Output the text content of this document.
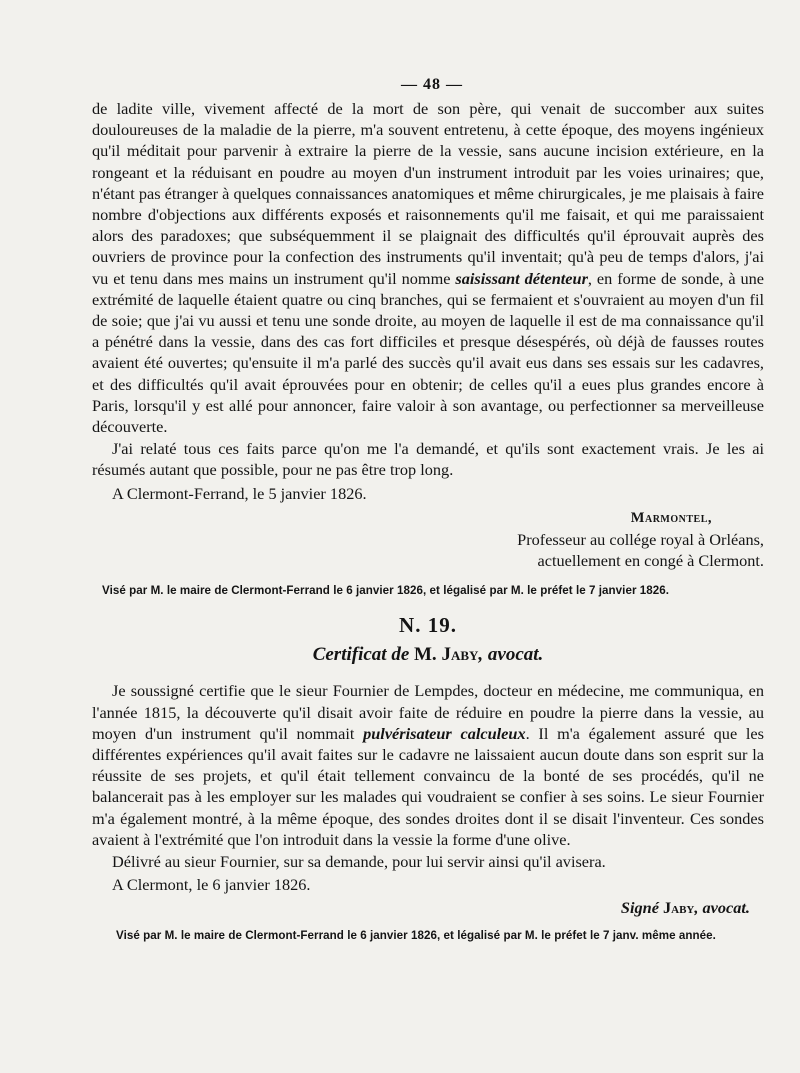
— 48 —

de ladite ville, vivement affecté de la mort de son père, qui venait de succomber aux suites douloureuses de la maladie de la pierre, m'a souvent entretenu, à cette époque, des moyens ingénieux qu'il méditait pour parvenir à extraire la pierre de la vessie, sans aucune incision extérieure, en la rongeant et la réduisant en poudre au moyen d'un instrument introduit par les voies urinaires; que, n'étant pas étranger à quelques connaissances anatomiques et même chirurgicales, je me plaisais à faire nombre d'objections aux différents exposés et raisonnements qu'il me faisait, et qui me paraissaient alors des paradoxes; que subséquemment il se plaignait des difficultés qu'il éprouvait auprès des ouvriers de province pour la confection des instruments qu'il inventait; qu'à peu de temps d'alors, j'ai vu et tenu dans mes mains un instrument qu'il nomme saisissant détenteur, en forme de sonde, à une extrémité de laquelle étaient quatre ou cinq branches, qui se fermaient et s'ouvraient au moyen d'un fil de soie; que j'ai vu aussi et tenu une sonde droite, au moyen de laquelle il est de ma connaissance qu'il a pénétré dans la vessie, dans des cas fort difficiles et presque désespérés, où déjà de fausses routes avaient été ouvertes; qu'ensuite il m'a parlé des succès qu'il avait eus dans ses essais sur les cadavres, et des difficultés qu'il avait éprouvées pour en obtenir; de celles qu'il a eues plus grandes encore à Paris, lorsqu'il y est allé pour annoncer, faire valoir à son avantage, ou perfectionner sa merveilleuse découverte.

J'ai relaté tous ces faits parce qu'on me l'a demandé, et qu'ils sont exactement vrais. Je les ai résumés autant que possible, pour ne pas être trop long.

A Clermont-Ferrand, le 5 janvier 1826.
Marmontel,
Professeur au collége royal à Orléans,
actuellement en congé à Clermont.
Visé par M. le maire de Clermont-Ferrand le 6 janvier 1826, et légalisé par M. le préfet le 7 janvier 1826.
N. 19.
Certificat de M. Jaby, avocat.

Je soussigné certifie que le sieur Fournier de Lempdes, docteur en médecine, me communiqua, en l'année 1815, la découverte qu'il disait avoir faite de réduire en poudre la pierre dans la vessie, au moyen d'un instrument qu'il nommait pulvérisateur calculeux. Il m'a également assuré que les différentes expériences qu'il avait faites sur le cadavre ne laissaient aucun doute dans son esprit sur la réussite de ses projets, et qu'il était tellement convaincu de la bonté de ses procédés, qu'il ne balancerait pas à les employer sur les malades qui voudraient se confier à ses soins. Le sieur Fournier m'a également montré, à la même époque, des sondes droites dont il se disait l'inventeur. Ces sondes avaient à l'extrémité que l'on introduit dans la vessie la forme d'une olive.

Délivré au sieur Fournier, sur sa demande, pour lui servir ainsi qu'il avisera.

A Clermont, le 6 janvier 1826.
Signé Jaby, avocat.
Visé par M. le maire de Clermont-Ferrand le 6 janvier 1826, et légalisé par M. le préfet le 7 janv. même année.
